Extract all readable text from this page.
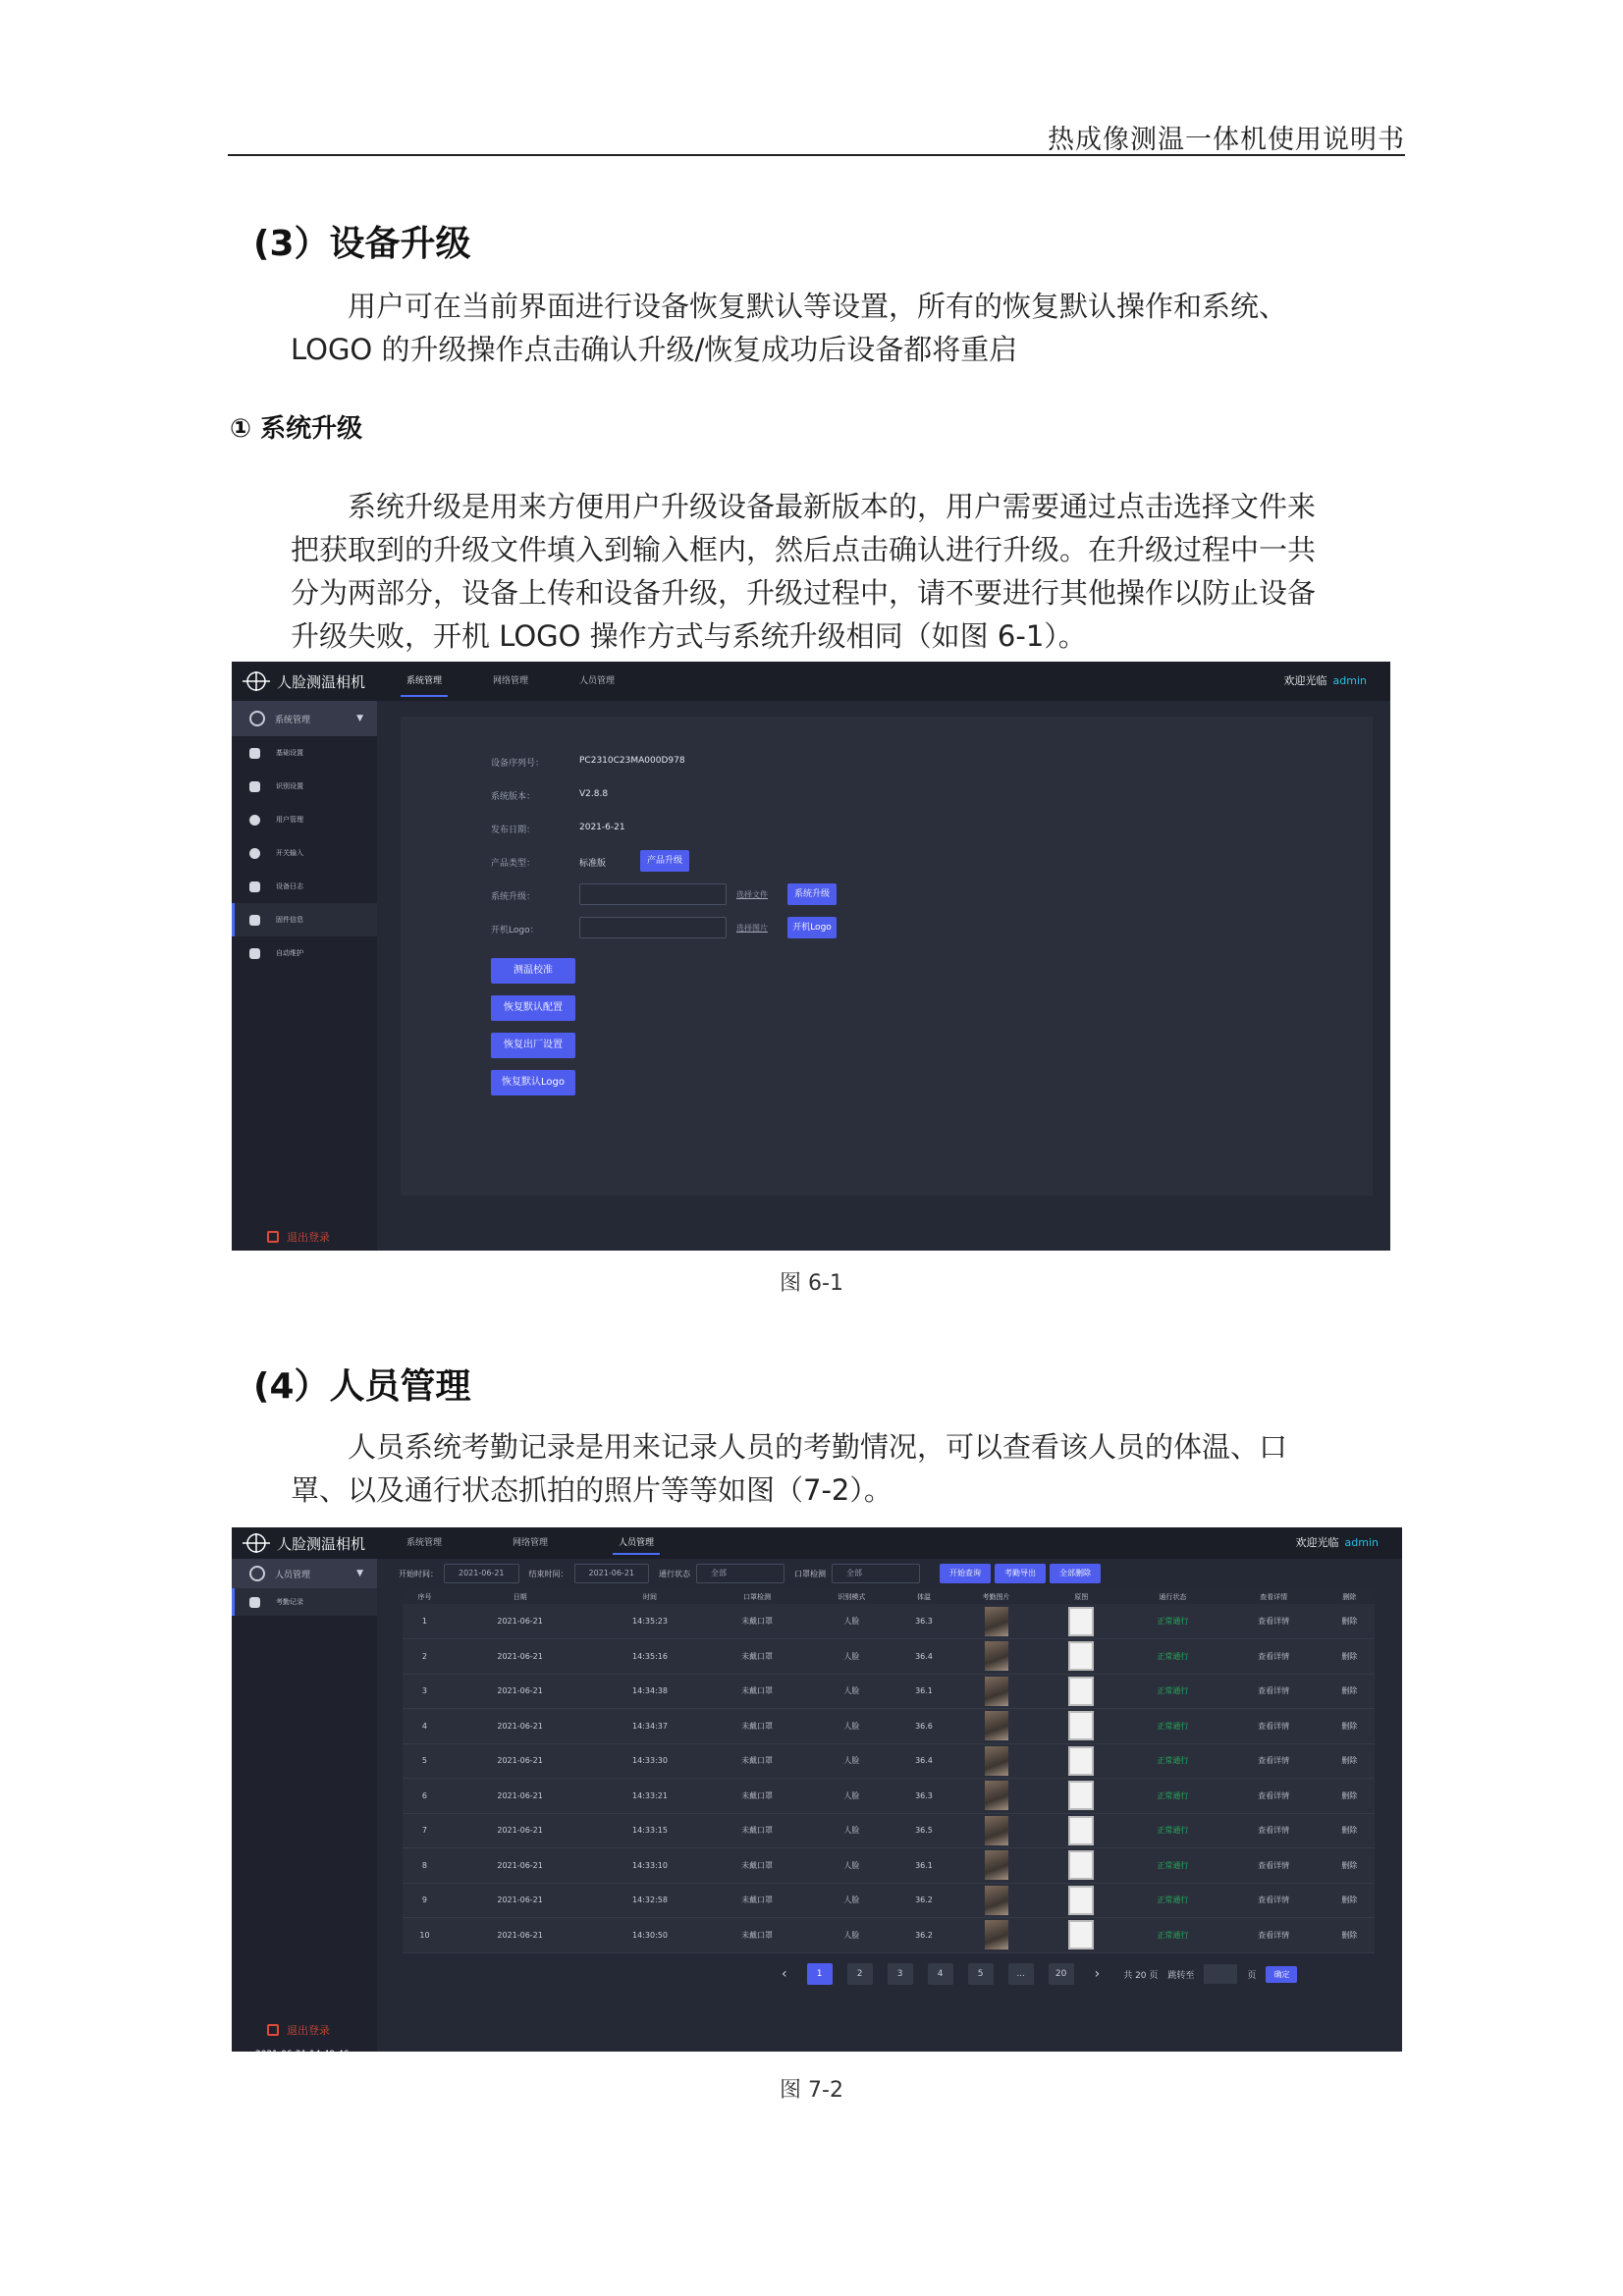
热成像测温一体机使用说明书
(3）设备升级
用户可在当前界面进行设备恢复默认等设置，所有的恢复默认操作和系统、
LOGO 的升级操作点击确认升级/恢复成功后设备都将重启
① 系统升级
系统升级是用来方便用户升级设备最新版本的，用户需要通过点击选择文件来
把获取到的升级文件填入到输入框内，然后点击确认进行升级。在升级过程中一共
分为两部分，设备上传和设备升级，升级过程中，请不要进行其他操作以防止设备
升级失败，开机 LOGO 操作方式与系统升级相同（如图 6-1）。
人脸测温相机	系统管理	网络管理	人员管理	欢迎光临 admin
系统管理	▼
基础设置
识别设置
用户管理
开关输入
设备日志
固件信息
自动维护
退出登录
2021-06-21 14:50:45
设备序列号：	PC2310C23MA000D978
系统版本：	V2.8.8
发布日期：	2021-6-21
产品类型：	标准版	产品升级
系统升级：	选择文件	系统升级
开机Logo：	选择图片	开机Logo
测温校准
恢复默认配置
恢复出厂设置
恢复默认Logo
图 6-1
(4）人员管理
人员系统考勤记录是用来记录人员的考勤情况，可以查看该人员的体温、口
罩、以及通行状态抓拍的照片等等如图（7-2）。
人脸测温相机	系统管理	网络管理	人员管理	欢迎光临 admin
人员管理	▼
考勤记录
退出登录
2021-06-21 14:49:46
开始时间：	2021-06-21	结束时间：	2021-06-21	通行状态	全部	口罩检测	全部	开始查询	考勤导出	全部删除
序号	日期	时间	口罩检测	识别模式	体温	考勤图片	原图	通行状态	查看详情	删除
1	2021-06-21	14:35:23	未戴口罩	人脸	36.3			正常通行	查看详情	删除
2	2021-06-21	14:35:16	未戴口罩	人脸	36.4			正常通行	查看详情	删除
3	2021-06-21	14:34:38	未戴口罩	人脸	36.1			正常通行	查看详情	删除
4	2021-06-21	14:34:37	未戴口罩	人脸	36.6			正常通行	查看详情	删除
5	2021-06-21	14:33:30	未戴口罩	人脸	36.4			正常通行	查看详情	删除
6	2021-06-21	14:33:21	未戴口罩	人脸	36.3			正常通行	查看详情	删除
7	2021-06-21	14:33:15	未戴口罩	人脸	36.5			正常通行	查看详情	删除
8	2021-06-21	14:33:10	未戴口罩	人脸	36.1			正常通行	查看详情	删除
9	2021-06-21	14:32:58	未戴口罩	人脸	36.2			正常通行	查看详情	删除
10	2021-06-21	14:30:50	未戴口罩	人脸	36.2			正常通行	查看详情	删除
‹	1	2	3	4	5	...	20	›	共 20 页 跳转至	页	确定
图 7-2
